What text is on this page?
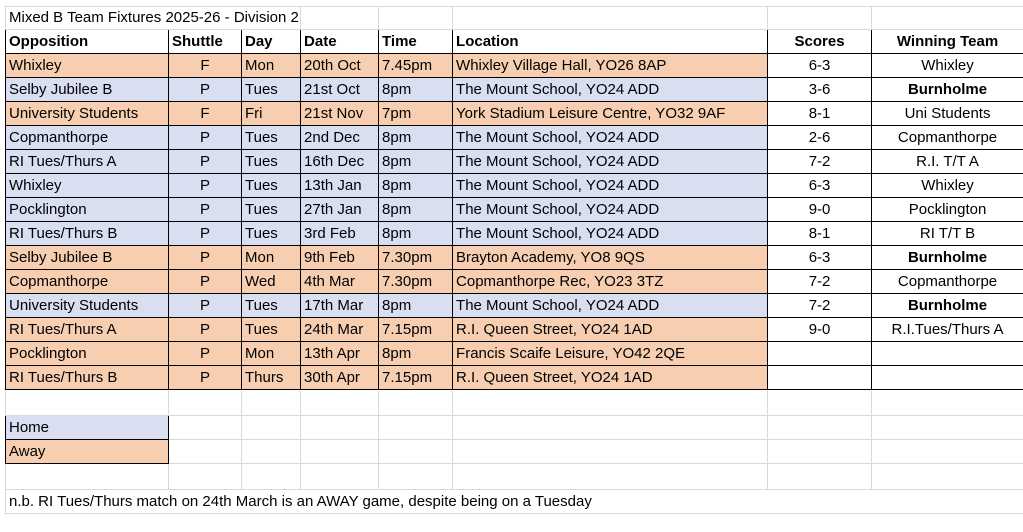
Mixed B Team Fixtures 2025-26 - Division 2							
Opposition	Shuttle	Day	Date	Time	Location	Scores	Winning Team
Whixley	F	Mon	20th Oct	7.45pm	Whixley Village Hall, YO26 8AP	6-3	Whixley
Selby Jubilee B	P	Tues	21st Oct	8pm	The Mount School, YO24 ADD	3-6	Burnholme
University Students	F	Fri	21st Nov	7pm	York Stadium Leisure Centre, YO32 9AF	8-1	Uni Students
Copmanthorpe	P	Tues	2nd Dec	8pm	The Mount School, YO24 ADD	2-6	Copmanthorpe
RI Tues/Thurs A	P	Tues	16th Dec	8pm	The Mount School, YO24 ADD	7-2	R.I. T/T A
Whixley	P	Tues	13th Jan	8pm	The Mount School, YO24 ADD	6-3	Whixley
Pocklington	P	Tues	27th Jan	8pm	The Mount School, YO24 ADD	9-0	Pocklington
RI Tues/Thurs B	P	Tues	3rd Feb	8pm	The Mount School, YO24 ADD	8-1	RI T/T B
Selby Jubilee B	P	Mon	9th Feb	7.30pm	Brayton Academy, YO8 9QS	6-3	Burnholme
Copmanthorpe	P	Wed	4th Mar	7.30pm	Copmanthorpe Rec, YO23 3TZ	7-2	Copmanthorpe
University Students	P	Tues	17th Mar	8pm	The Mount School, YO24 ADD	7-2	Burnholme
RI Tues/Thurs A	P	Tues	24th Mar	7.15pm	R.I. Queen Street, YO24 1AD	9-0	R.I.Tues/Thurs A
Pocklington	P	Mon	13th Apr	8pm	Francis Scaife Leisure, YO42 2QE		
RI Tues/Thurs B	P	Thurs	30th Apr	7.15pm	R.I. Queen Street, YO24 1AD		

Home							
Away							

n.b. RI Tues/Thurs match on 24th March is an AWAY game, despite being on a Tuesday							
